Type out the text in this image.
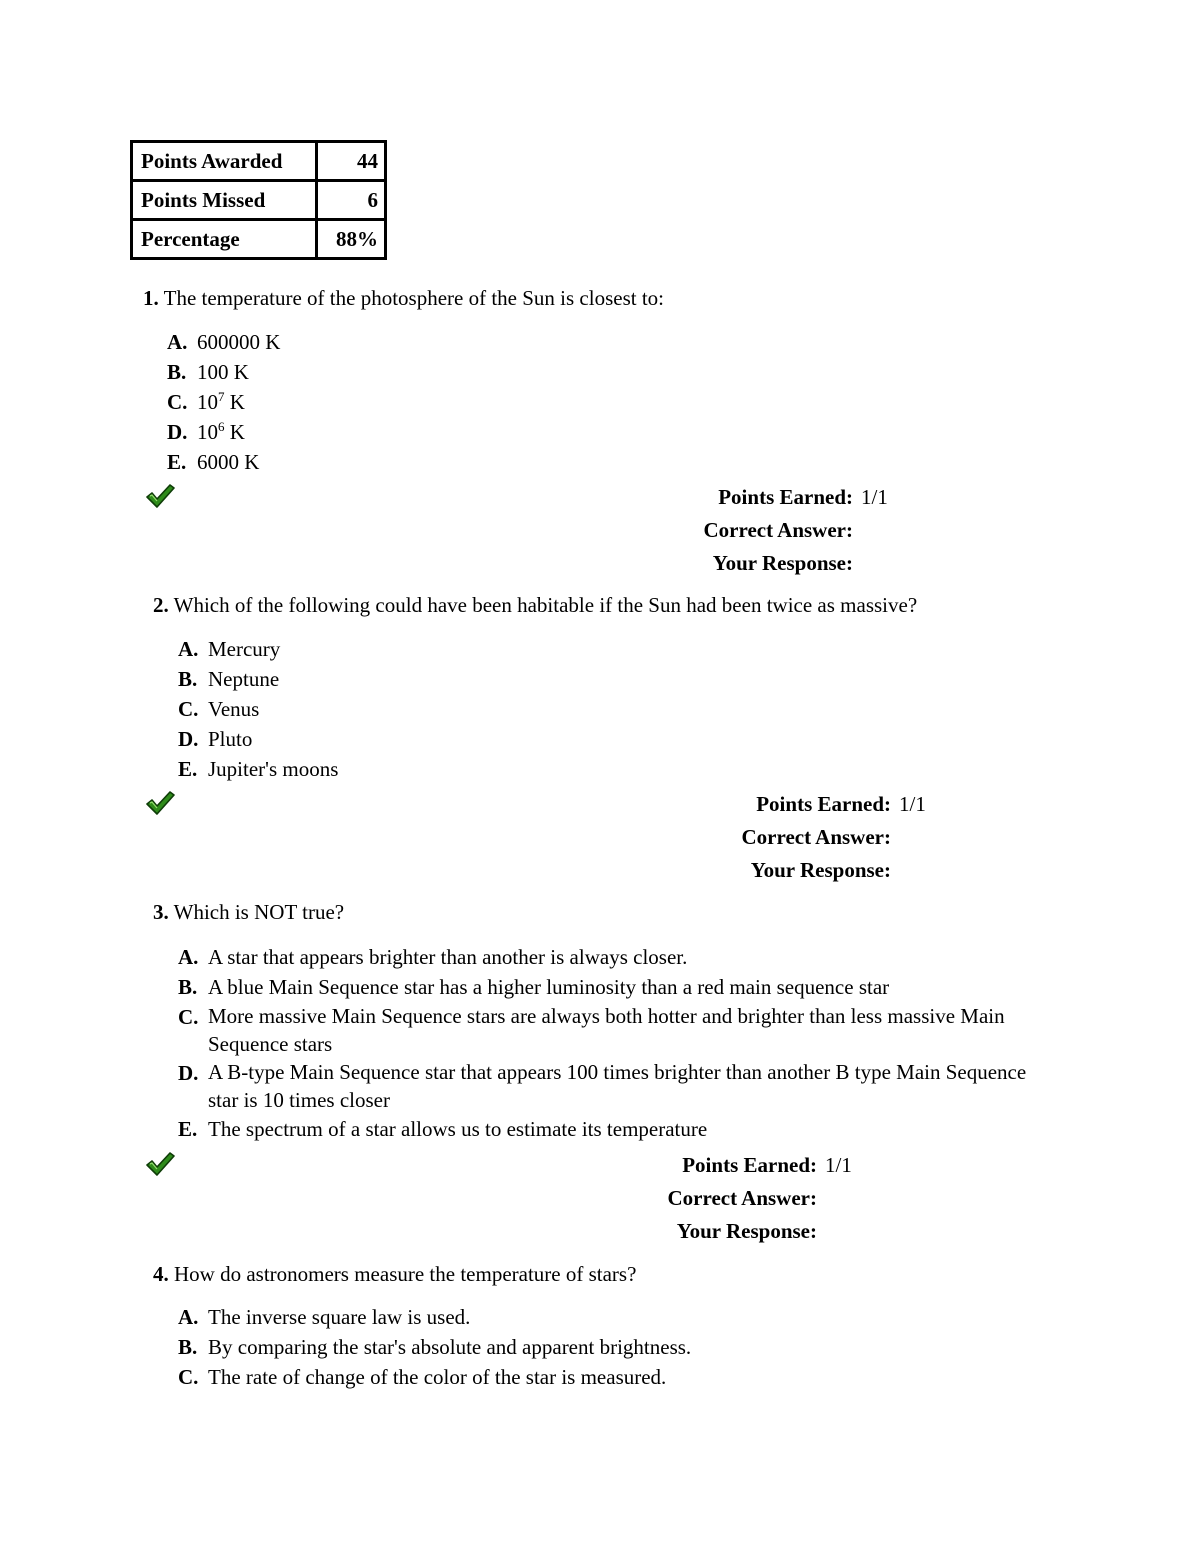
Points Awarded	44
Points Missed	6
Percentage	88%
1. The temperature of the photosphere of the Sun is closest to:
A. 600000 K
B. 100 K
C. $10^7$ K
D. $10^6$ K
E. 6000 K
Points Earned: 1/1
Correct Answer:
Your Response:
2. Which of the following could have been habitable if the Sun had been twice as massive?
A. Mercury
B. Neptune
C. Venus
D. Pluto
E. Jupiter's moons
Points Earned: 1/1
Correct Answer:
Your Response:
3. Which is NOT true?
A. A star that appears brighter than another is always closer.
B. A blue Main Sequence star has a higher luminosity than a red main sequence star
C. More massive Main Sequence stars are always both hotter and brighter than less massive Main Sequence stars
D. A B-type Main Sequence star that appears 100 times brighter than another B type Main Sequence star is 10 times closer
E. The spectrum of a star allows us to estimate its temperature
Points Earned: 1/1
Correct Answer:
Your Response:
4. How do astronomers measure the temperature of stars?
A. The inverse square law is used.
B. By comparing the star's absolute and apparent brightness.
C. The rate of change of the color of the star is measured.
